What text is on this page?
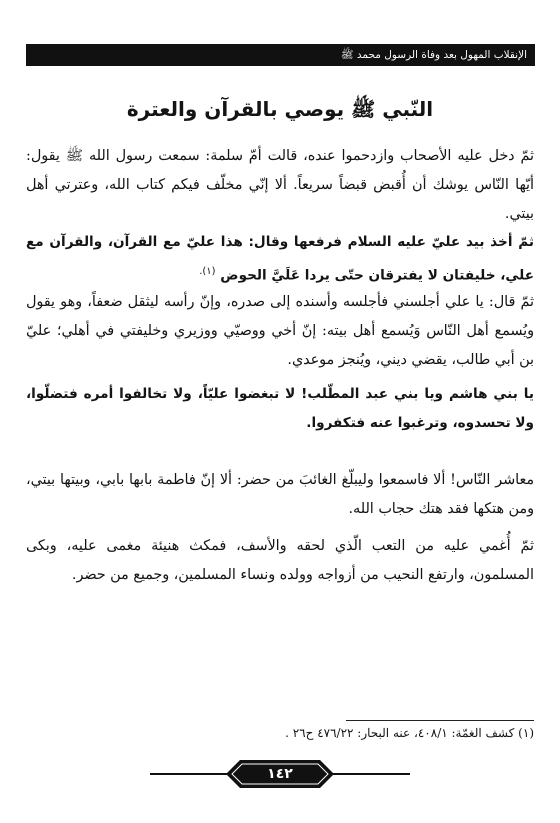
الإنقلاب المهول بعد وفاة الرسول محمد ﷺ
النّبي ﷺ يوصي بالقرآن والعترة

ثمّ دخل عليه الأصحاب وازدحموا عنده، قالت أمّ سلمة: سمعت رسول الله ﷺ يقول: أيّها النّاس يوشك أن أُقبض قبضاً سريعاً. ألا إنّي مخلّف فيكم كتاب الله، وعترتي أهل بيتي.

ثمّ أخذ بيد عليّ عليه السلام فرفعها وقال: هذا عليّ مع القرآن، والقرآن مع علي، خليفتان لا يفترقان حتّى يردا عَلَيَّ الحوض $^{(١).}$

ثمّ قال: يا علي أجلسني فأجلسه وأسنده إلى صدره، وإنّ رأسه ليثقل ضعفاً، وهو يقول ويُسمع أهل النّاس وَيُسمع أهل بيته: إنّ أخي ووصيّي ووزيري وخليفتي في أهلي؛ عليّ بن أبي طالب، يقضي ديني، ويُنجز موعدي.

يا بني هاشم ويا بني عبد المطّلب! لا تبغضوا عليّاً، ولا تخالفوا أمره فتضلّوا، ولا تحسدوه، وترغبوا عنه فتكفروا.

معاشر النّاس! ألا فاسمعوا وليبلّغ الغائبَ من حضر: ألا إنّ فاطمة بابها بابي، وبيتها بيتي، ومن هتكها فقد هتك حجاب الله.

ثمّ أُغمي عليه من التعب الّذي لحقه والأسف، فمكث هنيئة مغمى عليه، وبكى المسلمون، وارتفع النحيب من أزواجه وولده ونساء المسلمين، وجميع من حضر.

(١) كشف الغمّة: ٤٠٨/١، عنه البحار: ٤٧٦/٢٢ ح٢٦ .
١٤٢
